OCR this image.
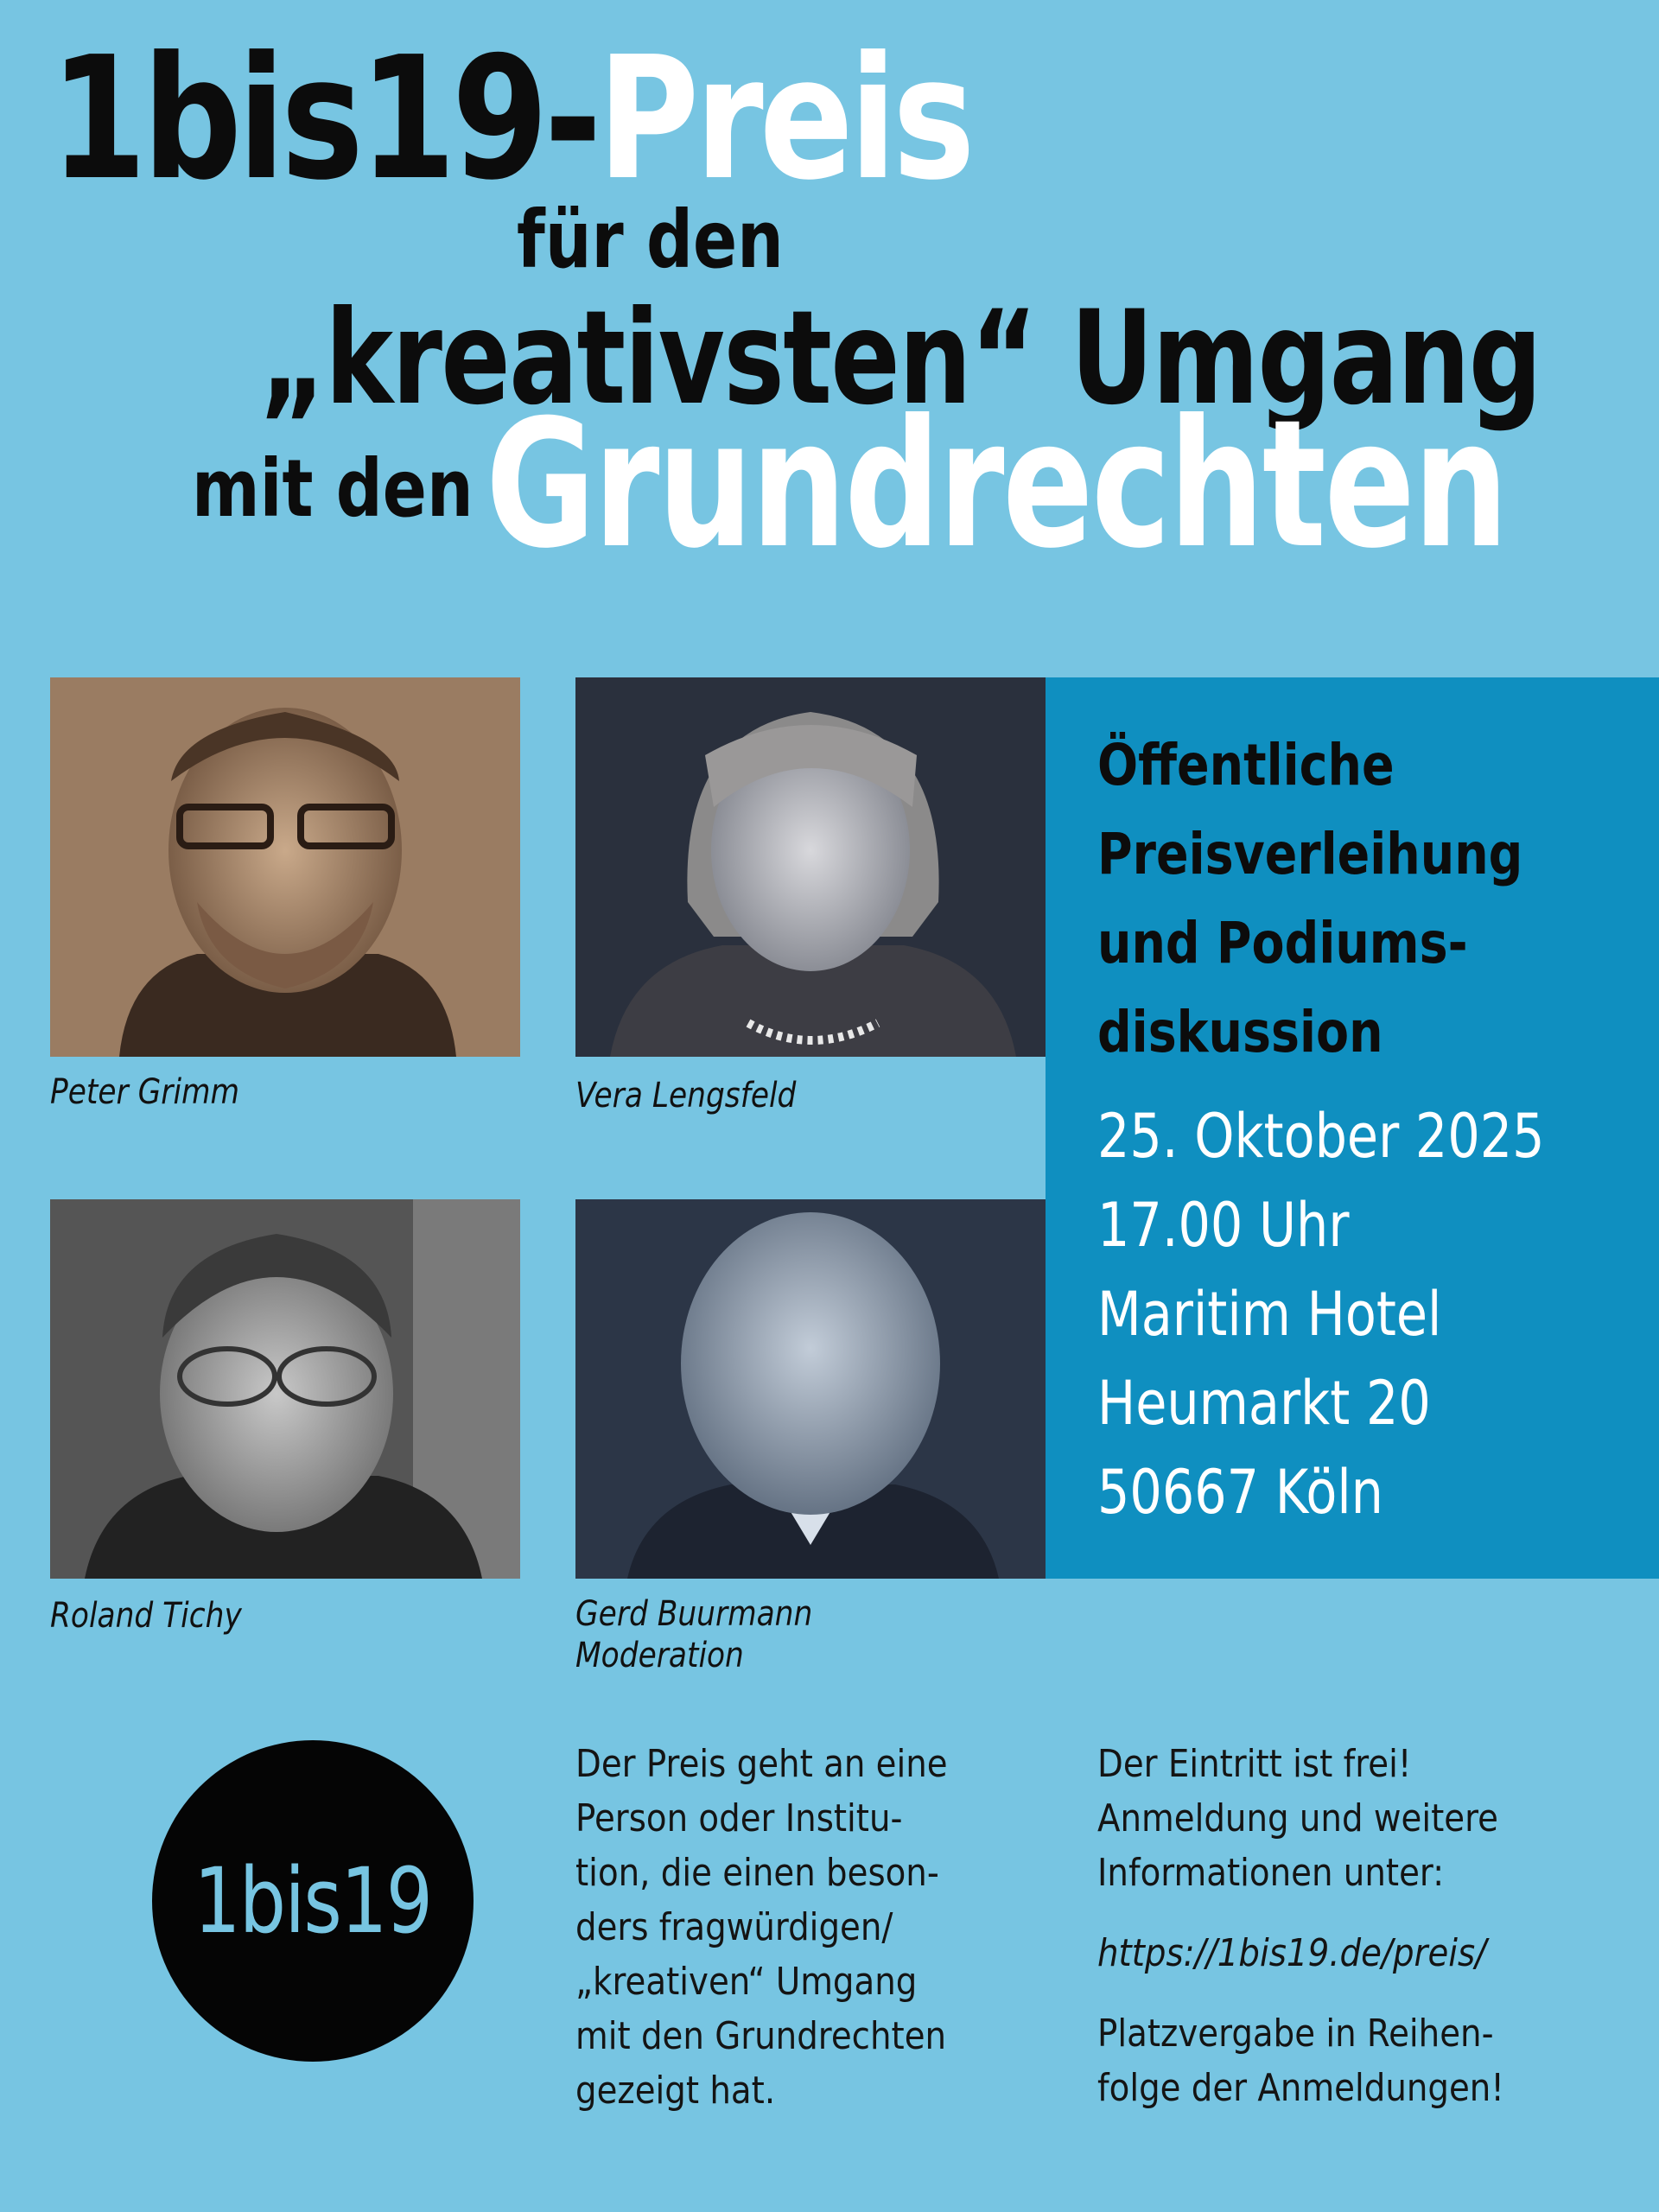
1bis19-Preis
für den
„kreativsten“ Umgang
mit den Grundrechten
Peter Grimm	Vera Lengsfeld
Roland Tichy	Gerd Buurmann
Moderation
Öffentliche
Preisverleihung
und Podiums-
diskussion
25. Oktober 2025
17.00 Uhr
Maritim Hotel
Heumarkt 20
50667 Köln
1bis19
Der Preis geht an eine
Person oder Institu-
tion, die einen beson-
ders fragwürdigen/
„kreativen“ Umgang
mit den Grundrechten
gezeigt hat.
Der Eintritt ist frei!
Anmeldung und weitere
Informationen unter:
https://1bis19.de/preis/
Platzvergabe in Reihen-
folge der Anmeldungen!
